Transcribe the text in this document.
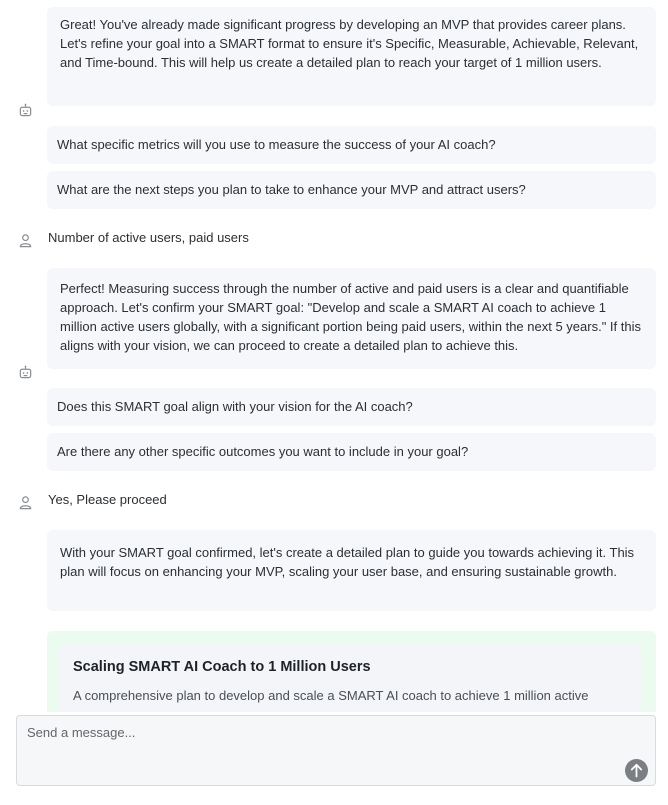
Great! You've already made significant progress by developing an MVP that provides career plans. Let's refine your goal into a SMART format to ensure it's Specific, Measurable, Achievable, Relevant, and Time-bound. This will help us create a detailed plan to reach your target of 1 million users.
What specific metrics will you use to measure the success of your AI coach?
What are the next steps you plan to take to enhance your MVP and attract users?
Number of active users, paid users
Perfect! Measuring success through the number of active and paid users is a clear and quantifiable approach. Let's confirm your SMART goal: "Develop and scale a SMART AI coach to achieve 1 million active users globally, with a significant portion being paid users, within the next 5 years." If this aligns with your vision, we can proceed to create a detailed plan to achieve this.
Does this SMART goal align with your vision for the AI coach?
Are there any other specific outcomes you want to include in your goal?
Yes, Please proceed
With your SMART goal confirmed, let's create a detailed plan to guide you towards achieving it. This plan will focus on enhancing your MVP, scaling your user base, and ensuring sustainable growth.
Scaling SMART AI Coach to 1 Million Users
A comprehensive plan to develop and scale a SMART AI coach to achieve 1 million active
Send a message...
